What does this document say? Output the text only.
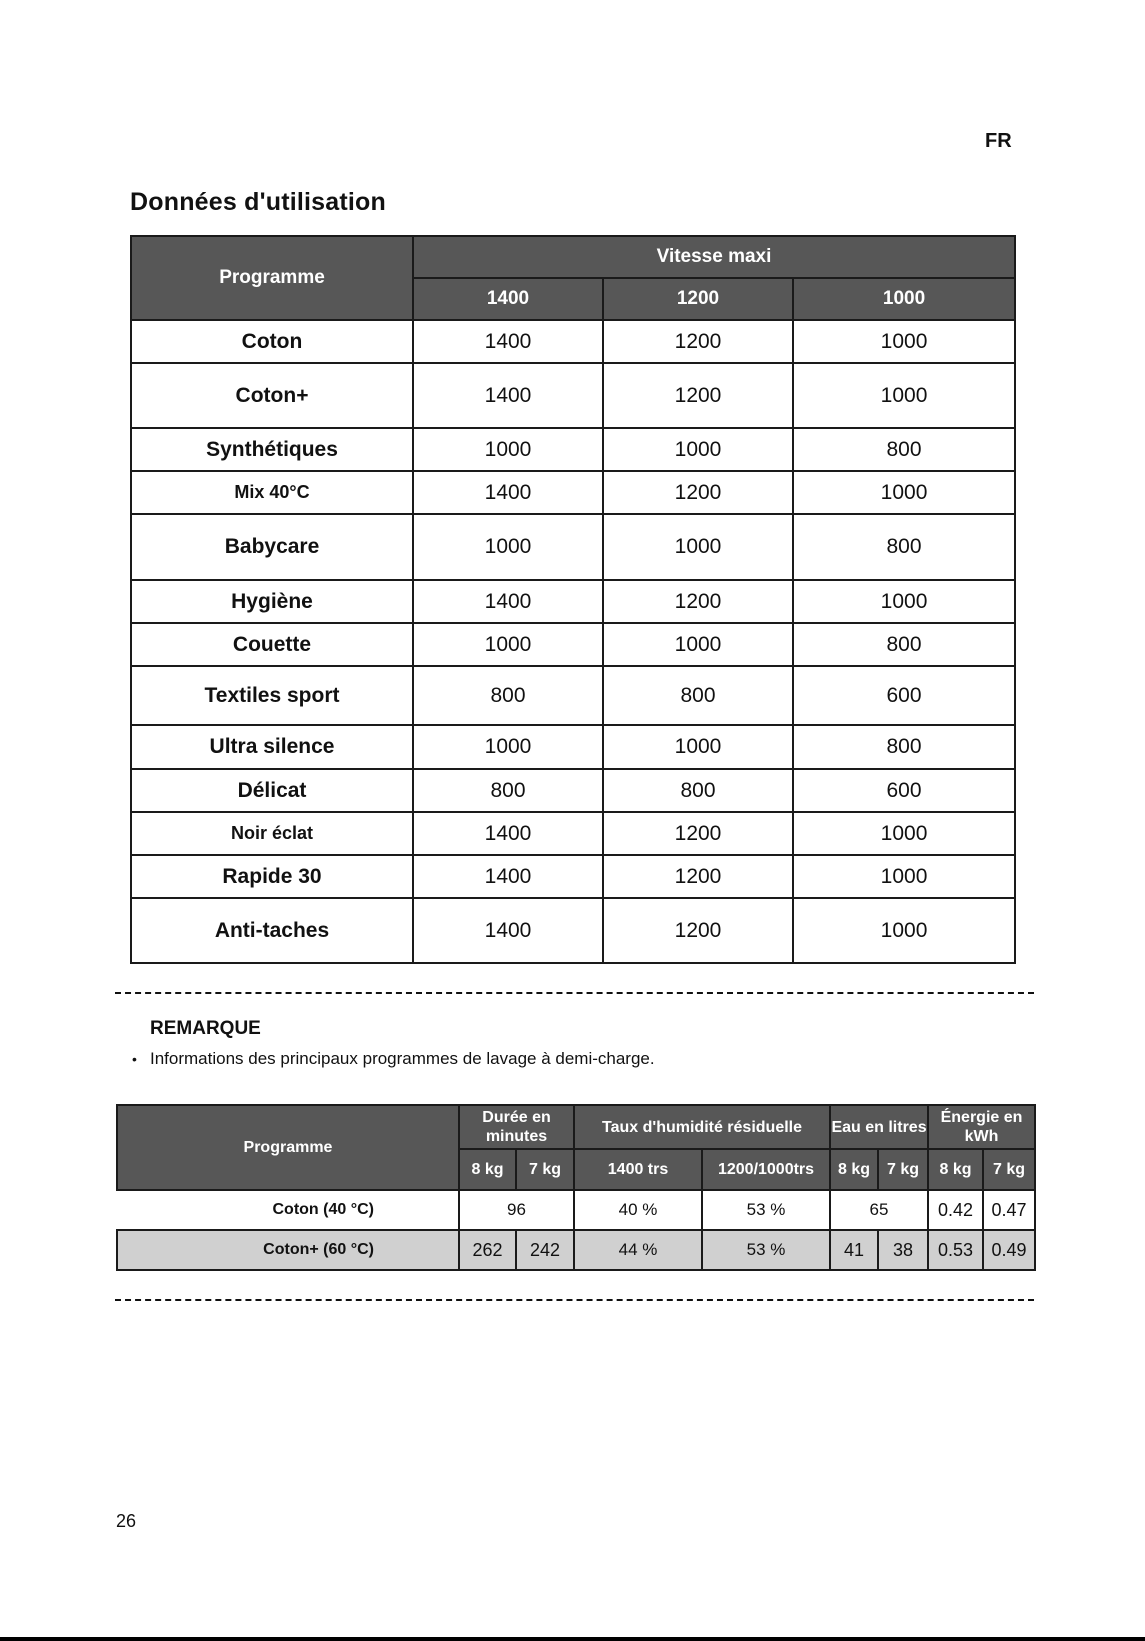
FR
Données d'utilisation
Programme	Vitesse maxi		
	1400	1200	1000
Coton	1400	1200	1000
Coton+	1400	1200	1000
Synthétiques	1000	1000	800
Mix 40°C	1400	1200	1000
Babycare	1000	1000	800
Hygiène	1400	1200	1000
Couette	1000	1000	800
Textiles sport	800	800	600
Ultra silence	1000	1000	800
Délicat	800	800	600
Noir éclat	1400	1200	1000
Rapide 30	1400	1200	1000
Anti-taches	1400	1200	1000
REMARQUE
• Informations des principaux programmes de lavage à demi-charge.
Programme	Durée en minutes		Taux d'humidité résiduelle		Eau en litres		Énergie en kWh	
	8 kg	7 kg	1400 trs	1200/1000trs	8 kg	7 kg	8 kg	7 kg
Coton (40 °C)	96		40 %	53 %	65		0.42	0.47
Coton+ (60 °C)	262	242	44 %	53 %	41	38	0.53	0.49
26
